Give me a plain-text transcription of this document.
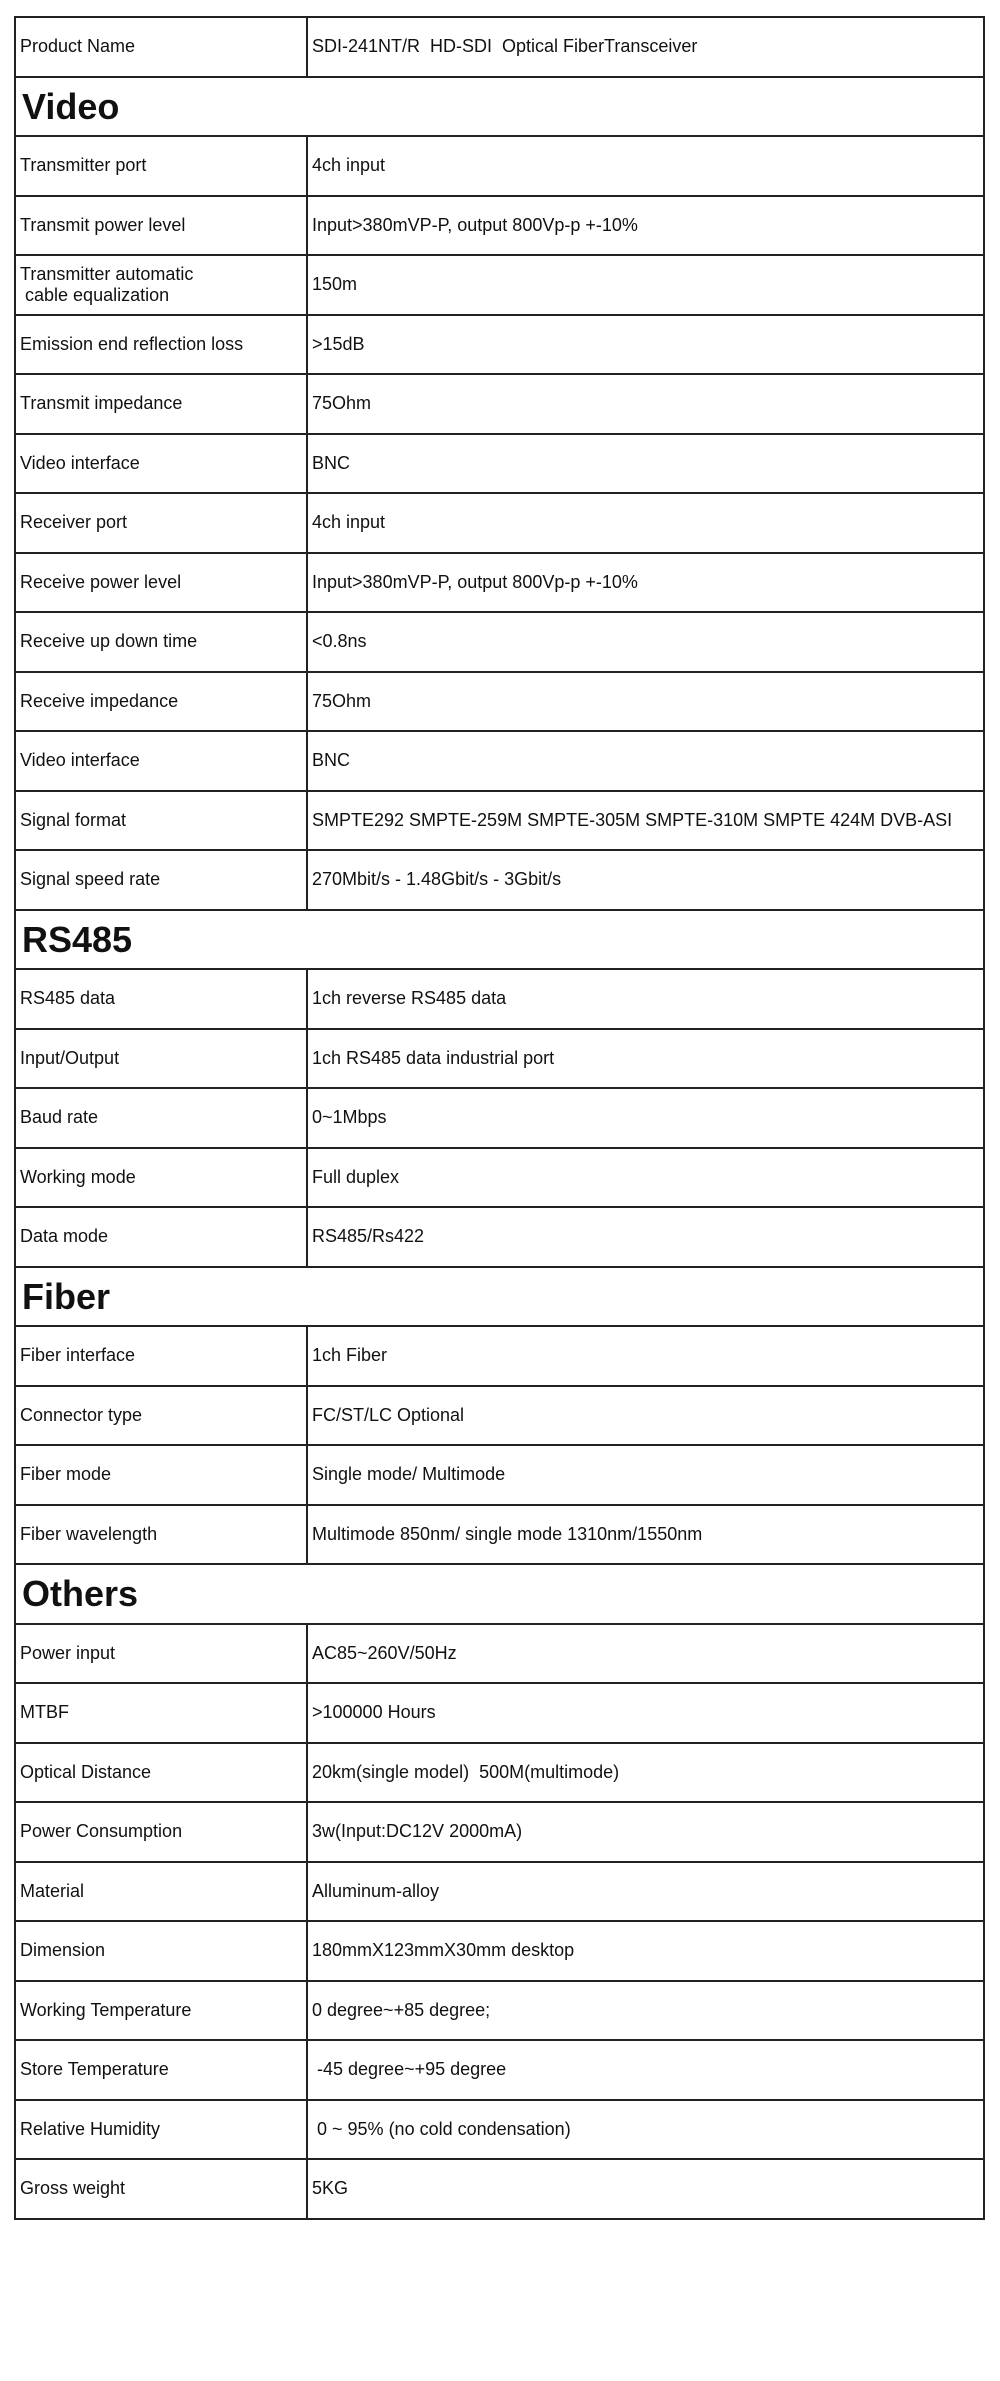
Product Name	SDI-241NT/R  HD-SDI  Optical FiberTransceiver
Video	
Transmitter port	4ch input
Transmit power level	Input>380mVP-P, output 800Vp-p +-10%
Transmitter automatic
cable equalization	150m
Emission end reflection loss	>15dB
Transmit impedance	75Ohm
Video interface	BNC
Receiver port	4ch input
Receive power level	Input>380mVP-P, output 800Vp-p +-10%
Receive up down time	<0.8ns
Receive impedance	75Ohm
Video interface	BNC
Signal format	SMPTE292 SMPTE-259M SMPTE-305M SMPTE-310M SMPTE 424M DVB-ASI
Signal speed rate	270Mbit/s - 1.48Gbit/s - 3Gbit/s
RS485	
RS485 data	1ch reverse RS485 data
Input/Output	1ch RS485 data industrial port
Baud rate	0~1Mbps
Working mode	Full duplex
Data mode	RS485/Rs422
Fiber	
Fiber interface	1ch Fiber
Connector type	FC/ST/LC Optional
Fiber mode	Single mode/ Multimode
Fiber wavelength	Multimode 850nm/ single mode 1310nm/1550nm
Others	
Power input	AC85~260V/50Hz
MTBF	>100000 Hours
Optical Distance	20km(single model)  500M(multimode)
Power Consumption	3w(Input:DC12V 2000mA)
Material	Alluminum-alloy
Dimension	180mmX123mmX30mm desktop
Working Temperature	0 degree~+85 degree;
Store Temperature	-45 degree~+95 degree
Relative Humidity	0 ~ 95% (no cold condensation)
Gross weight	5KG
